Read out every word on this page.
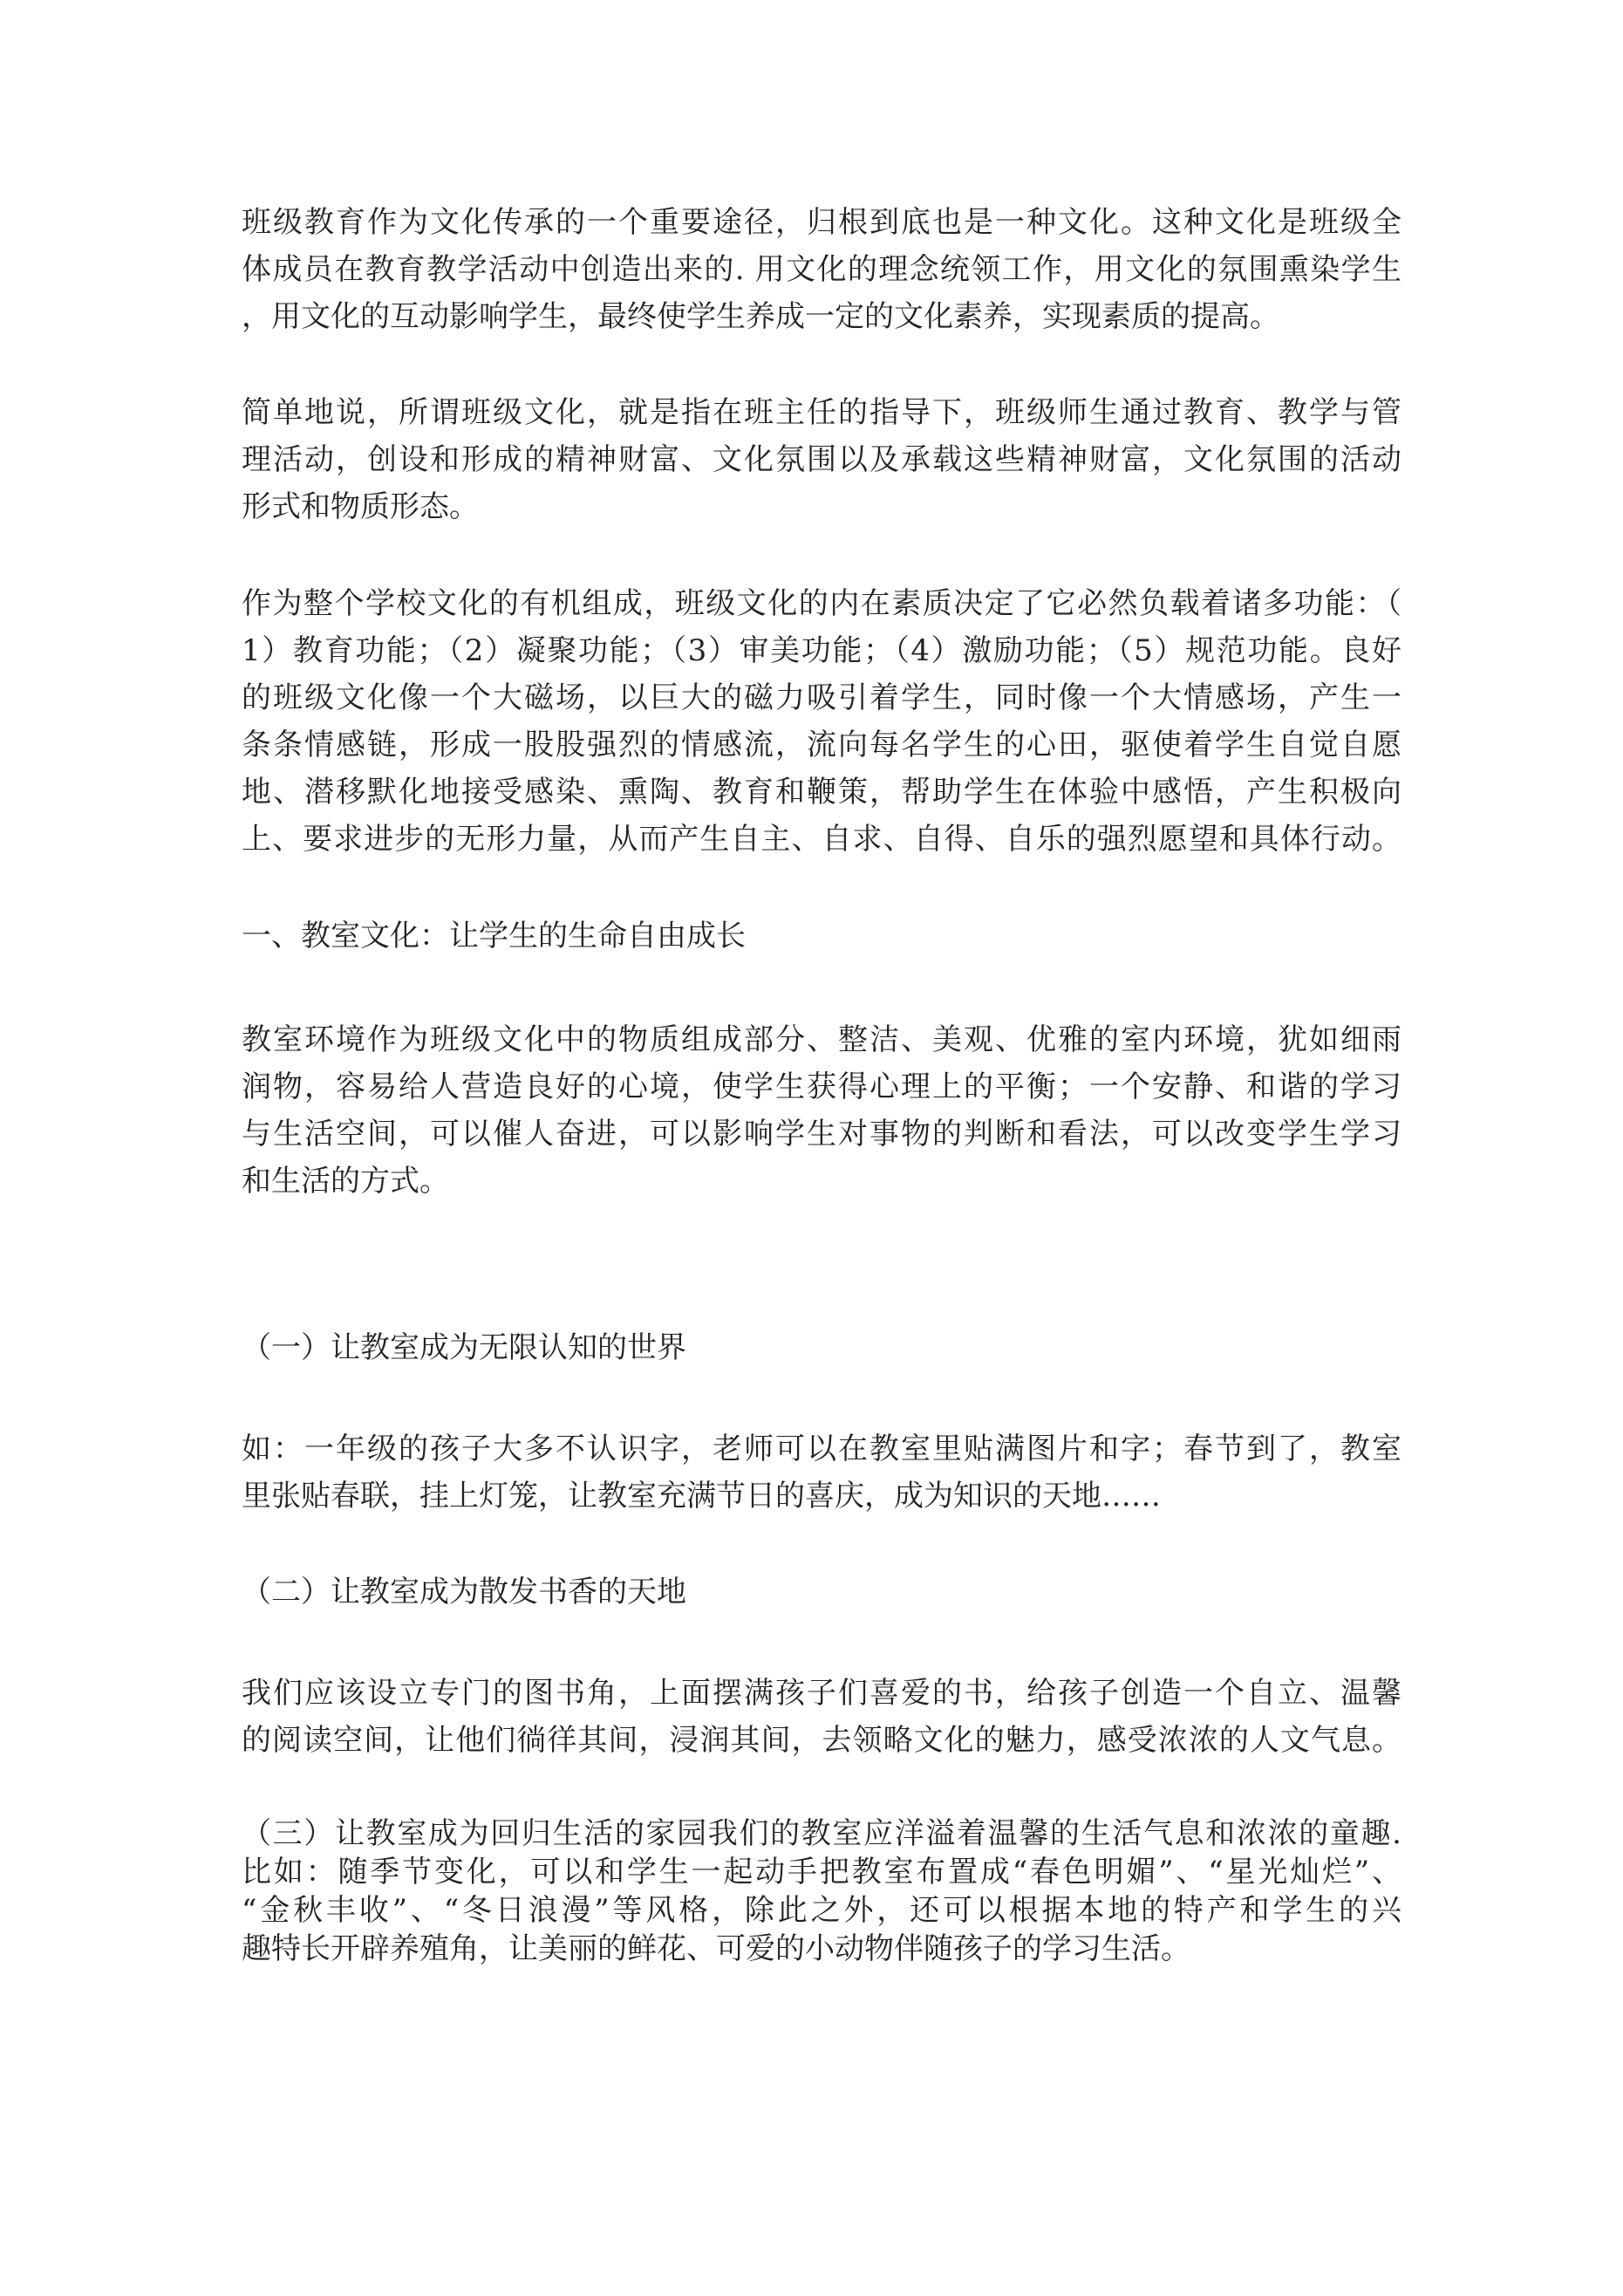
班级教育作为文化传承的一个重要途径，归根到底也是一种文化。这种文化是班级全
体成员在教育教学活动中创造出来的. 用文化的理念统领工作，用文化的氛围熏染学生
，用文化的互动影响学生，最终使学生养成一定的文化素养，实现素质的提高。
简单地说，所谓班级文化，就是指在班主任的指导下，班级师生通过教育、教学与管
理活动，创设和形成的精神财富、文化氛围以及承载这些精神财富，文化氛围的活动
形式和物质形态。
作为整个学校文化的有机组成，班级文化的内在素质决定了它必然负载着诸多功能：（
1）教育功能；（2）凝聚功能；（3）审美功能；（4）激励功能；（5）规范功能。良好
的班级文化像一个大磁场，以巨大的磁力吸引着学生，同时像一个大情感场，产生一
条条情感链，形成一股股强烈的情感流，流向每名学生的心田，驱使着学生自觉自愿
地、潜移默化地接受感染、熏陶、教育和鞭策，帮助学生在体验中感悟，产生积极向
上、要求进步的无形力量，从而产生自主、自求、自得、自乐的强烈愿望和具体行动。
一、教室文化：让学生的生命自由成长
教室环境作为班级文化中的物质组成部分、整洁、美观、优雅的室内环境，犹如细雨
润物，容易给人营造良好的心境，使学生获得心理上的平衡；一个安静、和谐的学习
与生活空间，可以催人奋进，可以影响学生对事物的判断和看法，可以改变学生学习
和生活的方式。
（一）让教室成为无限认知的世界
如：一年级的孩子大多不认识字，老师可以在教室里贴满图片和字；春节到了，教室
里张贴春联，挂上灯笼，让教室充满节日的喜庆，成为知识的天地……
（二）让教室成为散发书香的天地
我们应该设立专门的图书角，上面摆满孩子们喜爱的书，给孩子创造一个自立、温馨
的阅读空间，让他们徜徉其间，浸润其间，去领略文化的魅力，感受浓浓的人文气息。
（三）让教室成为回归生活的家园我们的教室应洋溢着温馨的生活气息和浓浓的童趣.
比如：随季节变化，可以和学生一起动手把教室布置成“春色明媚”、“星光灿烂”、
“金秋丰收”、“冬日浪漫”等风格，除此之外，还可以根据本地的特产和学生的兴
趣特长开辟养殖角，让美丽的鲜花、可爱的小动物伴随孩子的学习生活。
